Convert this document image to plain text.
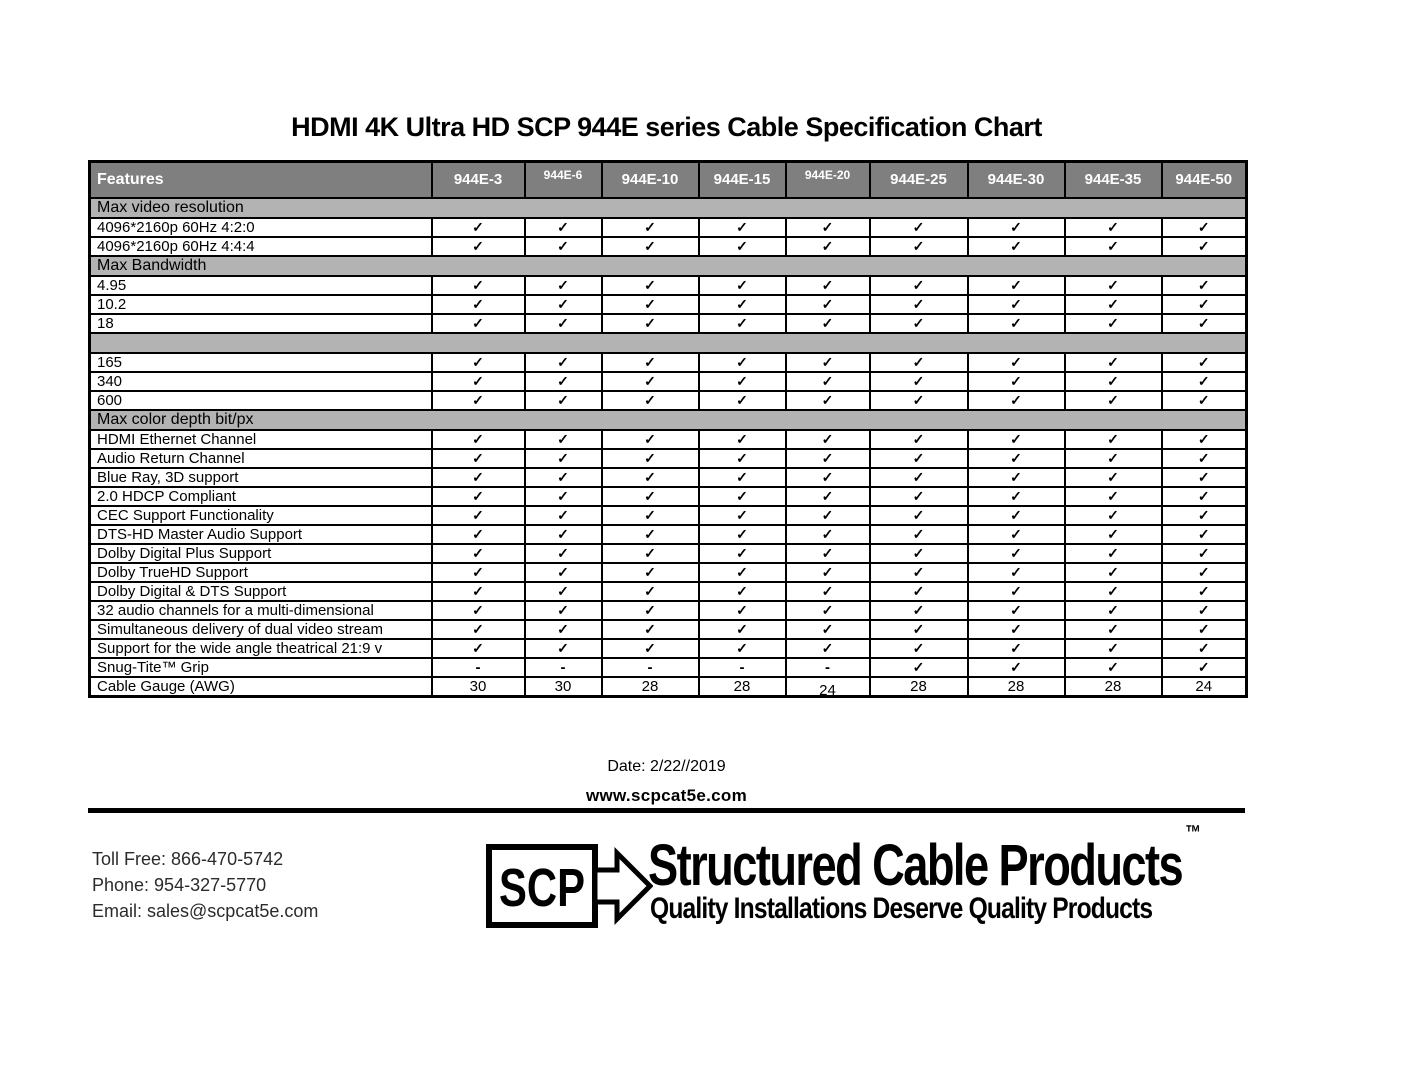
HDMI 4K Ultra HD SCP 944E series Cable Specification Chart
Features	944E-3	944E-6	944E-10	944E-15	944E-20	944E-25	944E-30	944E-35	944E-50
Max video resolution									
4096*2160p 60Hz 4:2:0	✓	✓	✓	✓	✓	✓	✓	✓	✓
4096*2160p 60Hz 4:4:4	✓	✓	✓	✓	✓	✓	✓	✓	✓
Max Bandwidth									
4.95	✓	✓	✓	✓	✓	✓	✓	✓	✓
10.2	✓	✓	✓	✓	✓	✓	✓	✓	✓
18	✓	✓	✓	✓	✓	✓	✓	✓	✓

165	✓	✓	✓	✓	✓	✓	✓	✓	✓
340	✓	✓	✓	✓	✓	✓	✓	✓	✓
600	✓	✓	✓	✓	✓	✓	✓	✓	✓
Max color depth bit/px									
HDMI Ethernet Channel	✓	✓	✓	✓	✓	✓	✓	✓	✓
Audio Return Channel	✓	✓	✓	✓	✓	✓	✓	✓	✓
Blue Ray, 3D support	✓	✓	✓	✓	✓	✓	✓	✓	✓
2.0 HDCP Compliant	✓	✓	✓	✓	✓	✓	✓	✓	✓
CEC Support Functionality	✓	✓	✓	✓	✓	✓	✓	✓	✓
DTS-HD Master Audio Support	✓	✓	✓	✓	✓	✓	✓	✓	✓
Dolby Digital Plus Support	✓	✓	✓	✓	✓	✓	✓	✓	✓
Dolby TrueHD Support	✓	✓	✓	✓	✓	✓	✓	✓	✓
Dolby Digital & DTS Support	✓	✓	✓	✓	✓	✓	✓	✓	✓
32 audio channels for a multi-dimensional	✓	✓	✓	✓	✓	✓	✓	✓	✓
Simultaneous delivery of dual video stream	✓	✓	✓	✓	✓	✓	✓	✓	✓
Support for the wide angle theatrical 21:9 v	✓	✓	✓	✓	✓	✓	✓	✓	✓
Snug-Tite™ Grip	-	-	-	-	-	✓	✓	✓	✓
Cable Gauge (AWG)	30	30	28	28	24	28	28	28	24
Date: 2/22//2019
www.scpcat5e.com
Toll Free: 866-470-5742
Phone: 954-327-5770
Email: sales@scpcat5e.com	SCP Structured Cable Products™
Quality Installations Deserve Quality Products
